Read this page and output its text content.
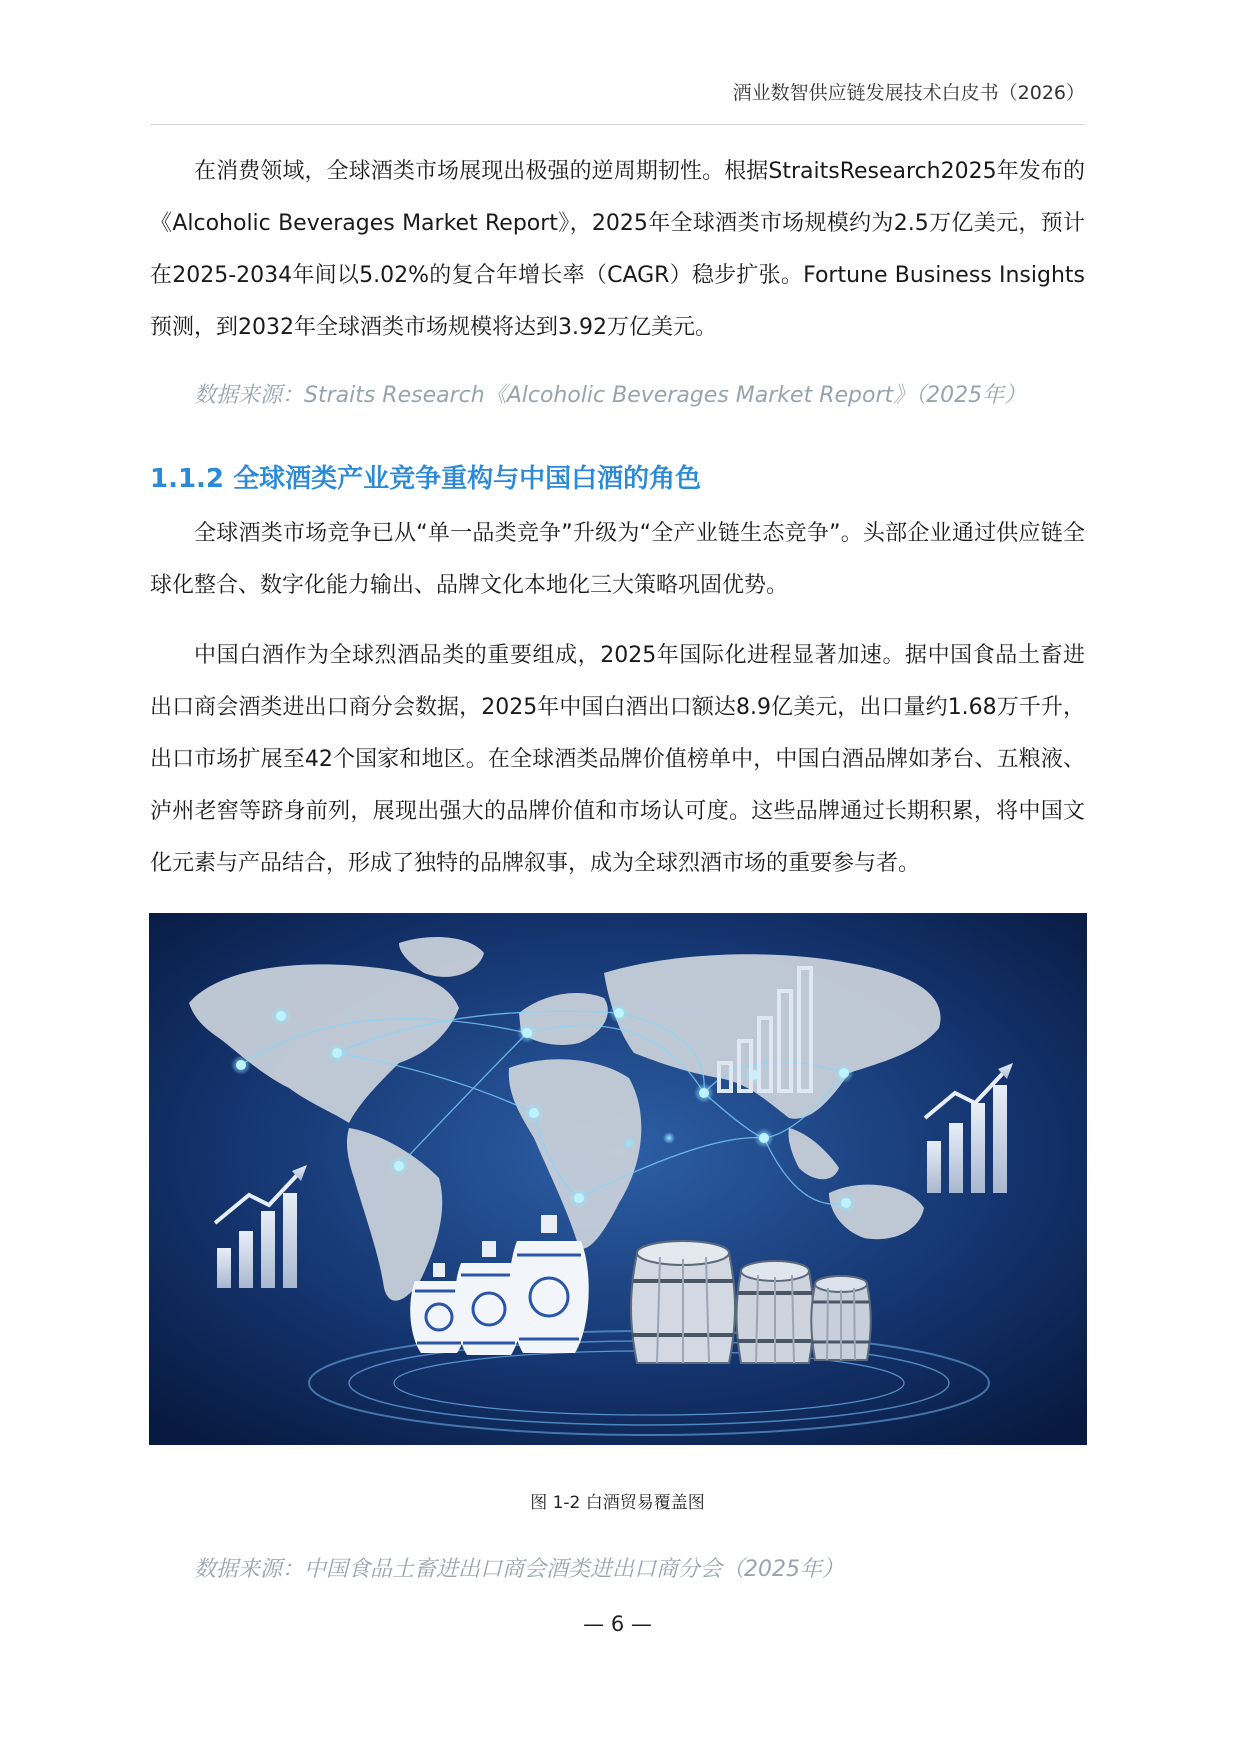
酒业数智供应链发展技术白皮书（2026）

在消费领域，全球酒类市场展现出极强的逆周期韧性。根据StraitsResearch2025年发布的《Alcoholic Beverages Market Report》，2025年全球酒类市场规模约为2.5万亿美元，预计在2025-2034年间以5.02%的复合年增长率（CAGR）稳步扩张。Fortune Business Insights预测，到2032年全球酒类市场规模将达到3.92万亿美元。

数据来源：Straits Research《Alcoholic Beverages Market Report》（2025年）

1.1.2 全球酒类产业竞争重构与中国白酒的角色

全球酒类市场竞争已从“单一品类竞争”升级为“全产业链生态竞争”。头部企业通过供应链全球化整合、数字化能力输出、品牌文化本地化三大策略巩固优势。

中国白酒作为全球烈酒品类的重要组成，2025年国际化进程显著加速。据中国食品土畜进出口商会酒类进出口商分会数据，2025年中国白酒出口额达8.9亿美元，出口量约1.68万千升，出口市场扩展至42个国家和地区。在全球酒类品牌价值榜单中，中国白酒品牌如茅台、五粮液、泸州老窖等跻身前列，展现出强大的品牌价值和市场认可度。这些品牌通过长期积累，将中国文化元素与产品结合，形成了独特的品牌叙事，成为全球烈酒市场的重要参与者。

图 1-2 白酒贸易覆盖图

数据来源：中国食品土畜进出口商会酒类进出口商分会（2025年）

— 6 —
